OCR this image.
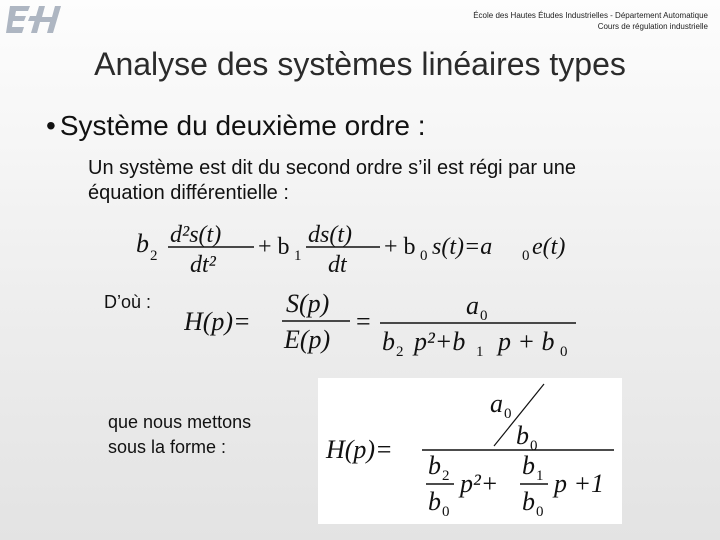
École des Hautes Études Industrielles - Département Automatique
Cours de régulation industrielle
Analyse des systèmes linéaires types
• Système du deuxième ordre :
Un système est dit du second ordre s’il est régi par une
équation différentielle :
b 2
d²s(t)
dt²
+ b 1
ds(t)
dt
+ b 0 s(t)=a 0 e(t)
D’où :
H(p)=
S(p)
E(p)
=
a 0
b 2 p²+b 1 p + b 0
que nous mettons
sous la forme :	H(p)=
a 0
b 0
b 2
b 0
p²+
b 1
b 0
p +1
